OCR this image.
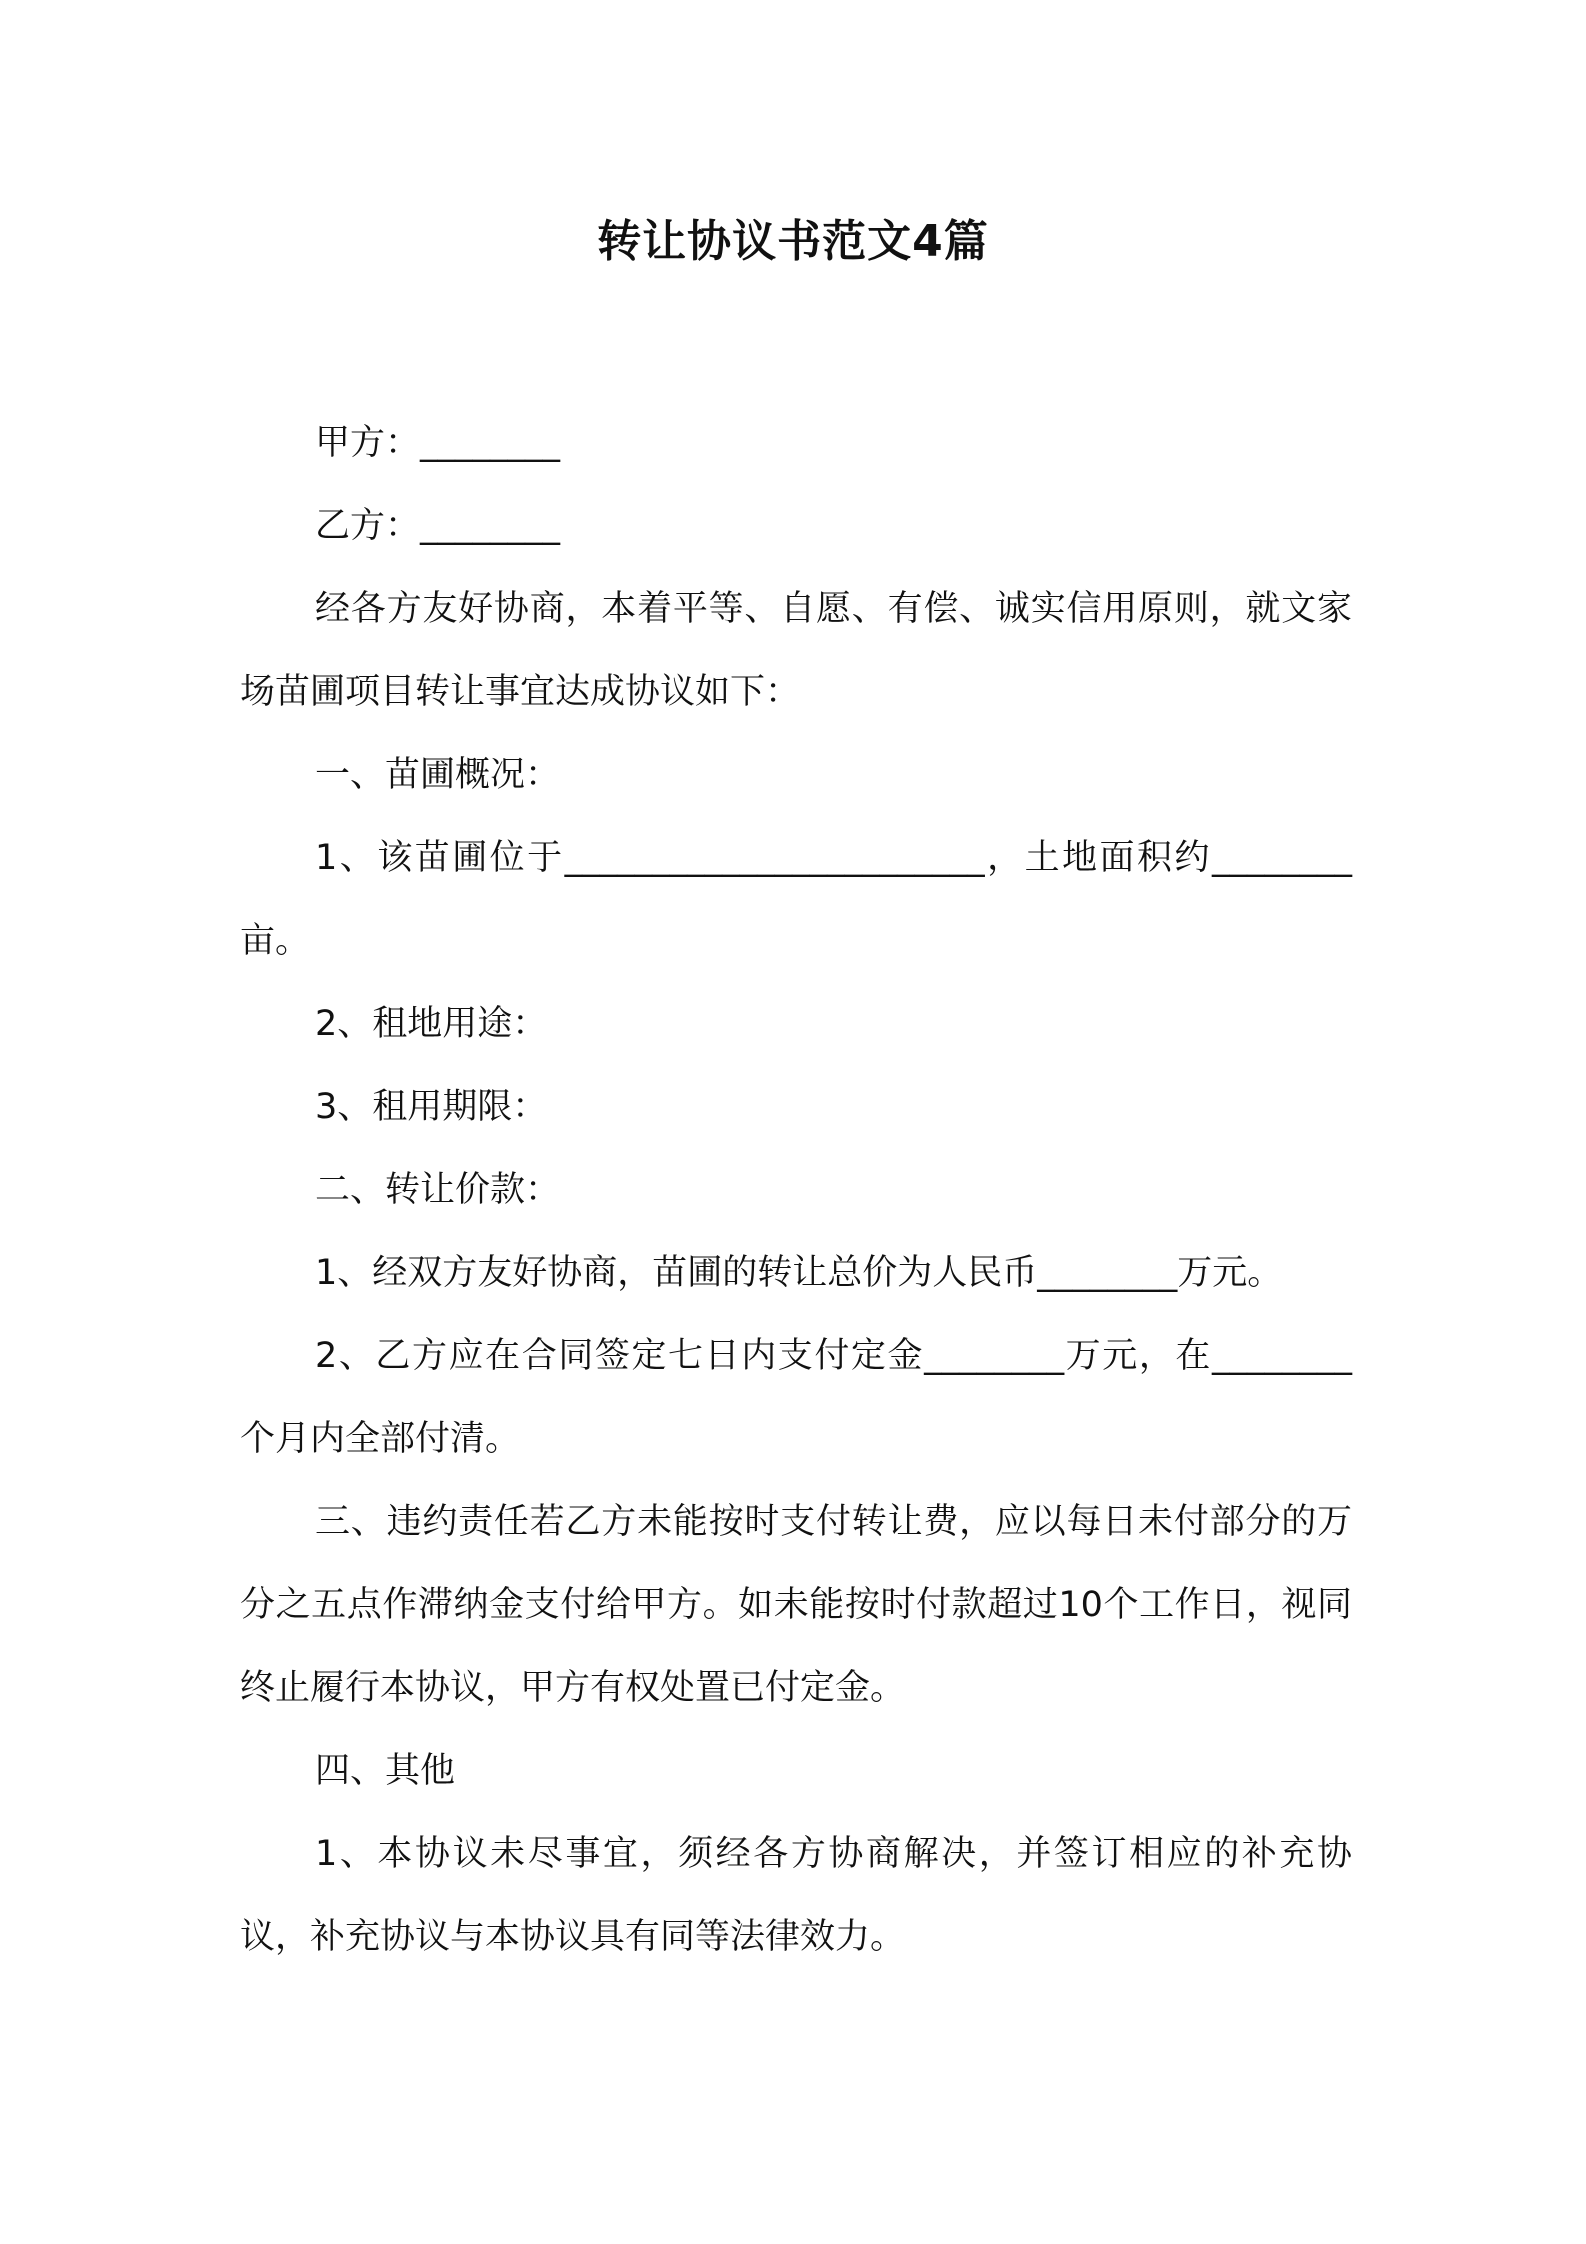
转让协议书范文4篇

甲方：________

乙方：________

经各方友好协商，本着平等、自愿、有偿、诚实信用原则，就文家场苗圃项目转让事宜达成协议如下：

一、苗圃概况：

1、该苗圃位于________________________，土地面积约________亩。

2、租地用途：

3、租用期限：

二、转让价款：

1、经双方友好协商，苗圃的转让总价为人民币________万元。

2、乙方应在合同签定七日内支付定金________万元，在________个月内全部付清。

三、违约责任若乙方未能按时支付转让费，应以每日未付部分的万分之五点作滞纳金支付给甲方。如未能按时付款超过10个工作日，视同终止履行本协议，甲方有权处置已付定金。

四、其他

1、本协议未尽事宜，须经各方协商解决，并签订相应的补充协议，补充协议与本协议具有同等法律效力。
